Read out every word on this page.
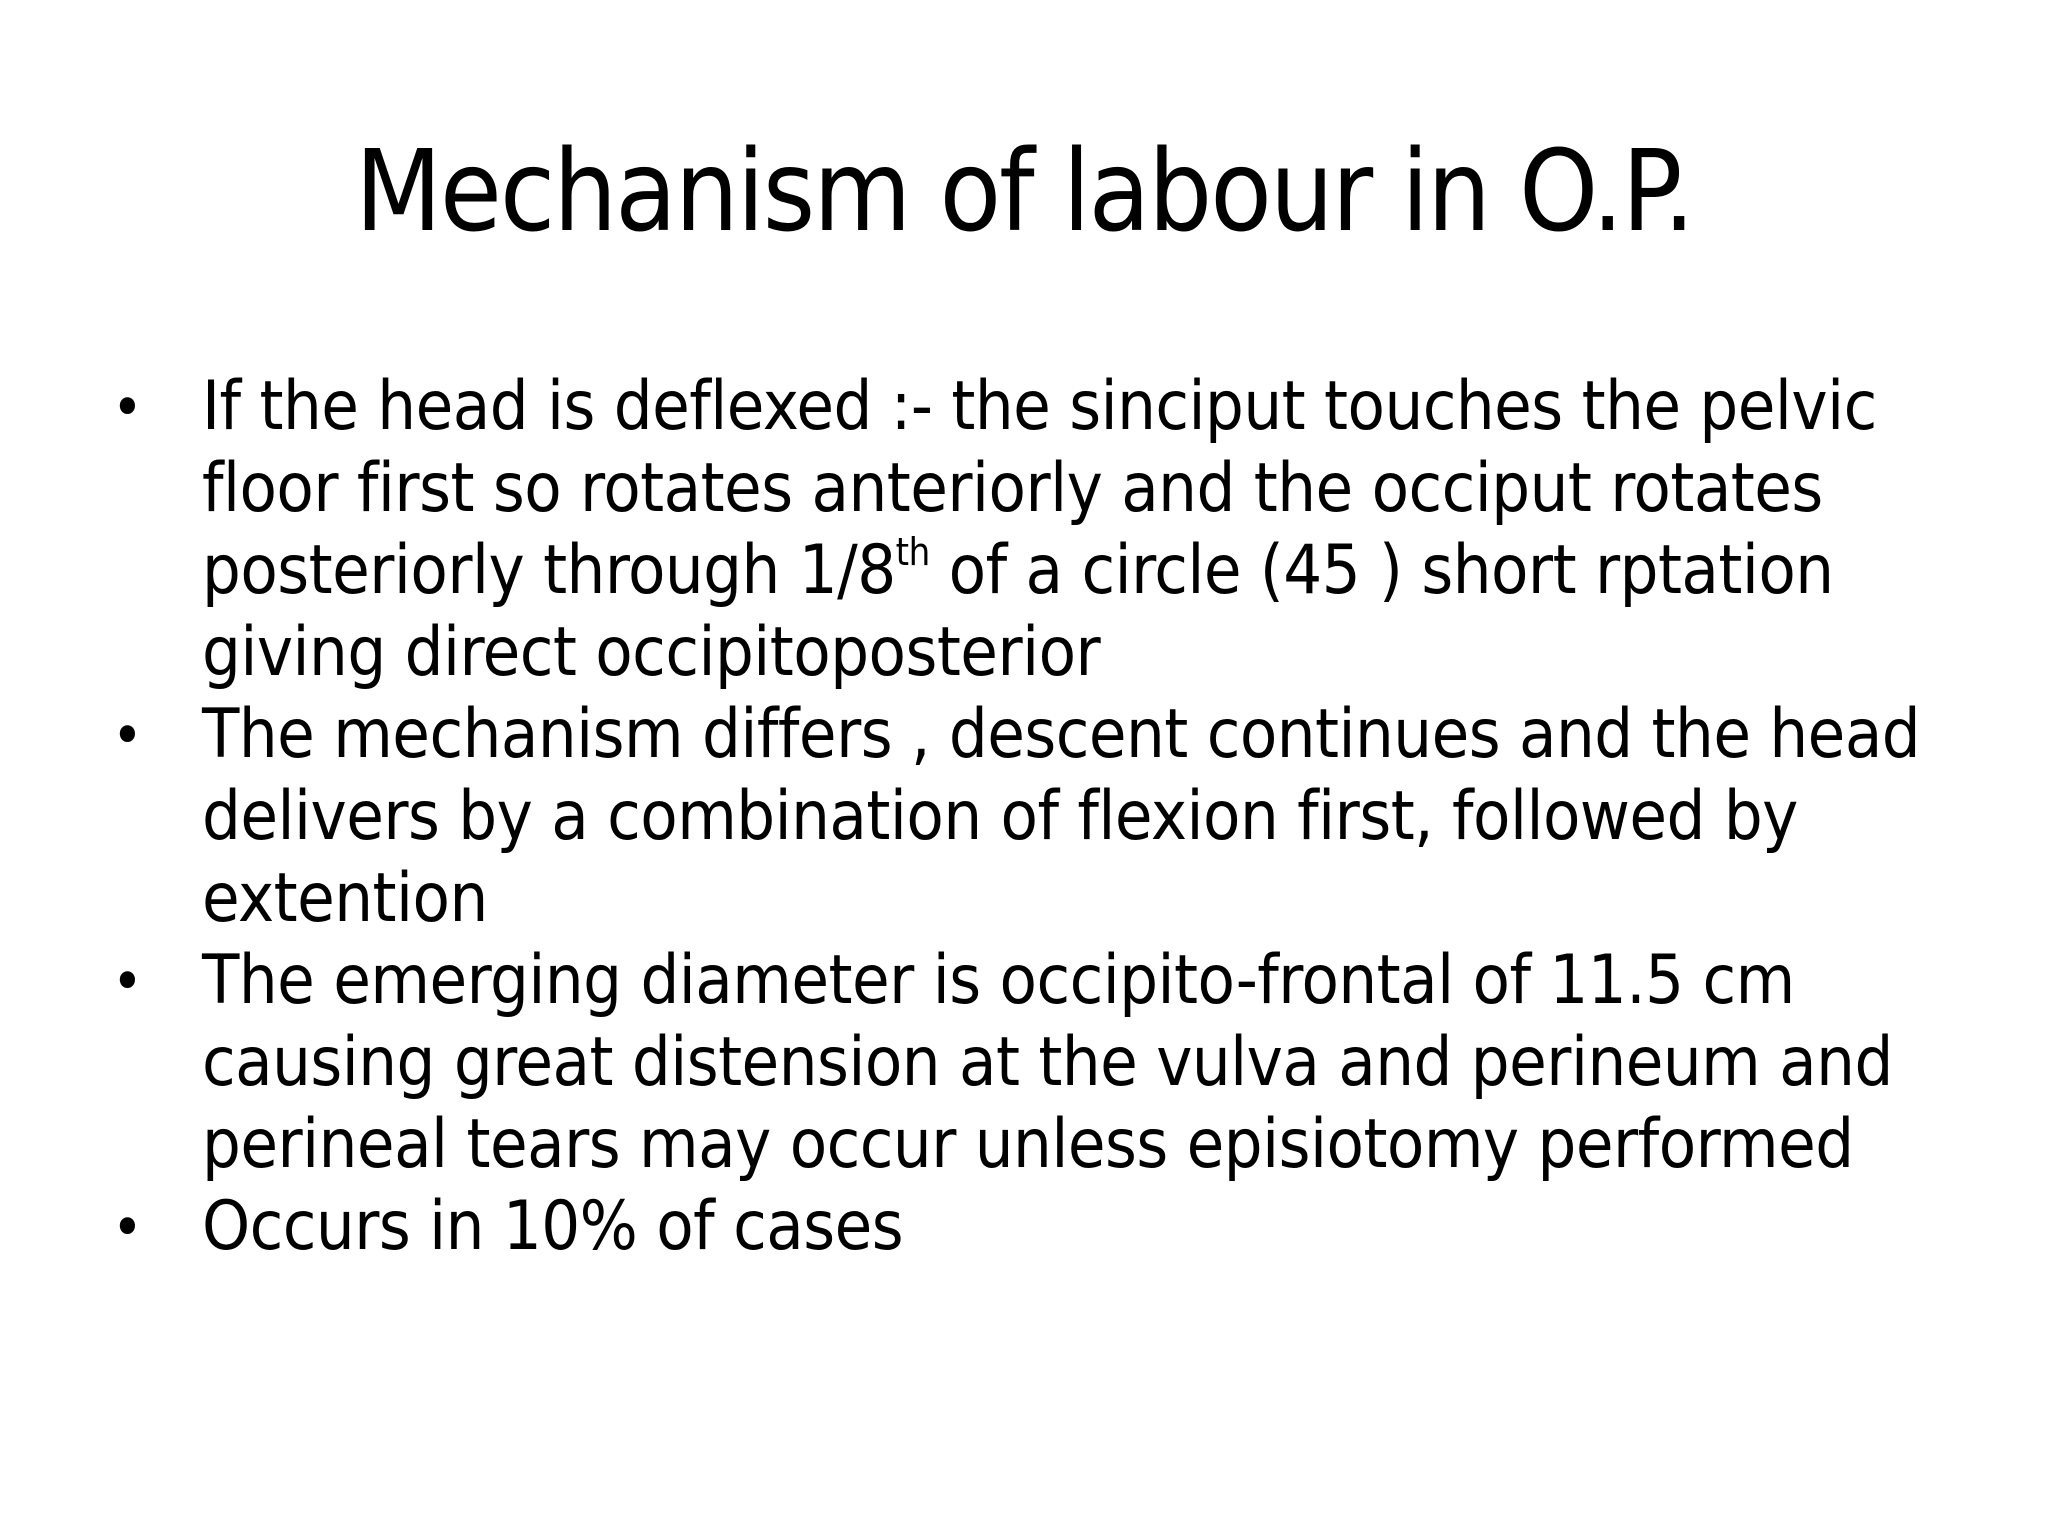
Mechanism of labour in O.P.
• If the head is deflexed :- the sinciput touches the pelvic floor first so rotates anteriorly and the occiput rotates posteriorly through 1/8th of a circle (45 ) short rptation giving direct occipitoposterior
• The mechanism differs , descent continues and the head delivers by a combination of flexion first, followed by extention
• The emerging diameter is occipito-frontal of 11.5 cm causing great distension at the vulva and perineum and perineal tears may occur unless episiotomy performed
• Occurs in 10% of cases
